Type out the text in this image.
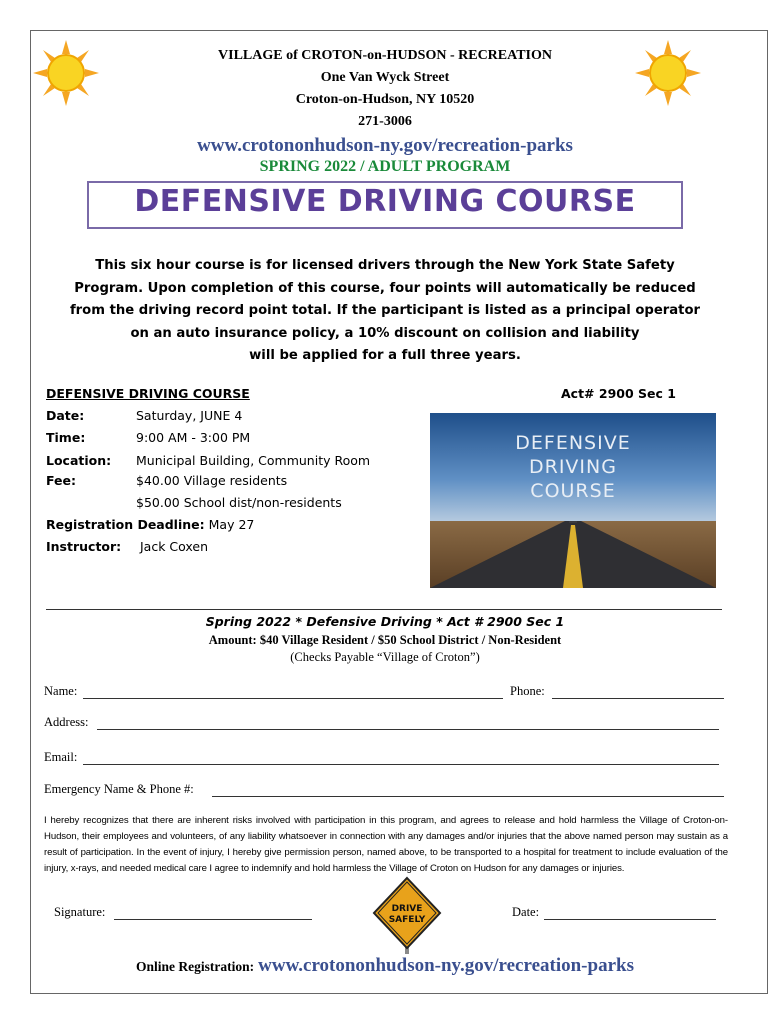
VILLAGE of CROTON-on-HUDSON - RECREATION
One Van Wyck Street
Croton-on-Hudson, NY 10520
271-3006
www.crotononhudson-ny.gov/recreation-parks
SPRING 2022 / ADULT PROGRAM
DEFENSIVE DRIVING COURSE
This six hour course is for licensed drivers through the New York State Safety
Program. Upon completion of this course, four points will automatically be reduced
from the driving record point total. If the participant is listed as a principal operator
on an auto insurance policy, a 10% discount on collision and liability
will be applied for a full three years.
DEFENSIVE DRIVING COURSE	Act# 2900 Sec 1
Date:	Saturday, JUNE 4
Time:	9:00 AM - 3:00 PM
Location: Municipal Building, Community Room
Fee:	$40.00 Village residents
$50.00 School dist/non-residents
Registration Deadline: May 27
Instructor: Jack Coxen
DEFENSIVE
DRIVING
COURSE
Spring 2022 * Defensive Driving * Act # 2900 Sec 1
Amount: $40 Village Resident / $50 School District / Non-Resident
(Checks Payable “Village of Croton”)
Name:	Phone:
Address:
Email:
Emergency Name & Phone #:
I hereby recognizes that there are inherent risks involved with participation in this program, and agrees to release and hold harmless the Village of Croton-on-Hudson, their employees and volunteers, of any liability whatsoever in connection with any damages and/or injuries that the above named person may sustain as a result of participation. In the event of injury, I hereby give permission person, named above, to be transported to a hospital for treatment to include evaluation of the injury, x-rays, and needed medical care I agree to indemnify and hold harmless the Village of Croton on Hudson for any damages or injuries.
Signature:	DRIVE
SAFELY
Date:
Online Registration: www.crotononhudson-ny.gov/recreation-parks
